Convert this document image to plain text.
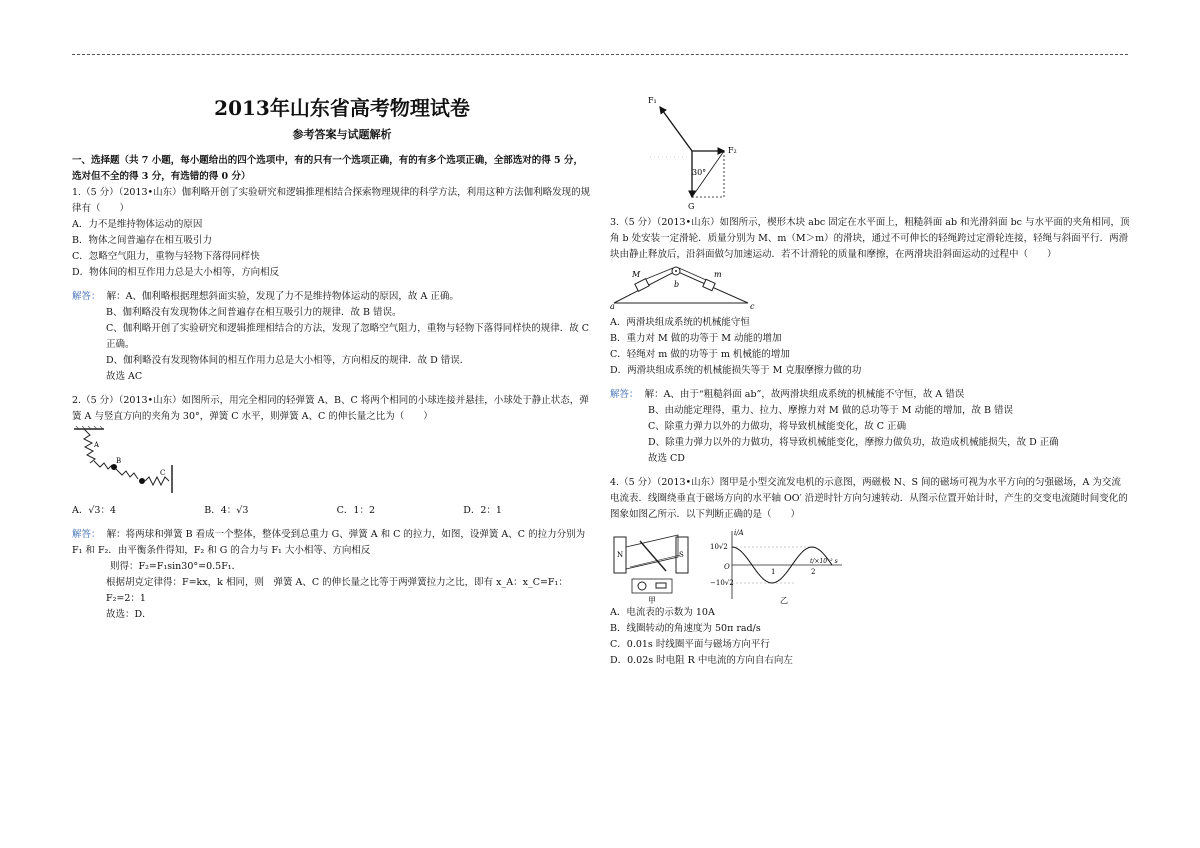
2013年山东省高考物理试卷
参考答案与试题解析

一、选择题（共 7 小题，每小题给出的四个选项中，有的只有一个选项正确，有的有多个选项正确，全部选对的得 5 分，选对但不全的得 3 分，有选错的得 0 分）

1.（5 分）（2013•山东）伽利略开创了实验研究和逻辑推理相结合探索物理规律的科学方法，利用这种方法伽利略发现的规律有（　　）

A．力不是维持物体运动的原因

B．物体之间普遍存在相互吸引力

C．忽略空气阻力，重物与轻物下落得同样快

D．物体间的相互作用力总是大小相等，方向相反

解答： 解：A、伽利略根据理想斜面实验，发现了力不是维持物体运动的原因，故 A 正确。

B、伽利略没有发现物体之间普遍存在相互吸引力的规律．故 B 错误。

C、伽利略开创了实验研究和逻辑推理相结合的方法，发现了忽略空气阻力，重物与轻物下落得同样快的规律．故 C 正确。

D、伽利略没有发现物体间的相互作用力总是大小相等，方向相反的规律．故 D 错误．

故选 AC

2.（5 分）（2013•山东）如图所示，用完全相同的轻弹簧 A、B、C 将两个相同的小球连接并悬挂，小球处于静止状态，弹簧 A 与竖直方向的夹角为 30°，弹簧 C 水平，则弹簧 A、C 的伸长量之比为（　　）

A
B
C
A．√3：4	B．4：√3	C．1：2	D．2：1

解答： 解：将两球和弹簧 B 看成一个整体，整体受到总重力 G、弹簧 A 和 C 的拉力，如图，设弹簧 A、C 的拉力分别为 F₁ 和 F₂．由平衡条件得知，F₂ 和 G 的合力与 F₁ 大小相等、方向相反

则得：F₂=F₁sin30°=0.5F₁．

根据胡克定律得：F=kx，k 相同，则　弹簧 A、C 的伸长量之比等于两弹簧拉力之比，即有 x_A：x_C=F₁：F₂=2：1

故选：D．

F₁
F₂
30°
G

3.（5 分）（2013•山东）如图所示，楔形木块 abc 固定在水平面上，粗糙斜面 ab 和光滑斜面 bc 与水平面的夹角相同，顶角 b 处安装一定滑轮．质量分别为 M、m（M＞m）的滑块，通过不可伸长的轻绳跨过定滑轮连接，轻绳与斜面平行．两滑块由静止释放后，沿斜面做匀加速运动．若不计滑轮的质量和摩擦，在两滑块沿斜面运动的过程中（　　）

M	m
a
b
c

A．两滑块组成系统的机械能守恒

B．重力对 M 做的功等于 M 动能的增加

C．轻绳对 m 做的功等于 m 机械能的增加

D．两滑块组成系统的机械能损失等于 M 克服摩擦力做的功

解答： 解：A、由于“粗糙斜面 ab”，故两滑块组成系统的机械能不守恒，故 A 错误

B、由动能定理得，重力、拉力、摩擦力对 M 做的总功等于 M 动能的增加，故 B 错误

C、除重力弹力以外的力做功，将导致机械能变化，故 C 正确

D、除重力弹力以外的力做功，将导致机械能变化，摩擦力做负功，故造成机械能损失，故 D 正确

故选 CD

4.（5 分）（2013•山东）图甲是小型交流发电机的示意图，两磁极 N、S 间的磁场可视为水平方向的匀强磁场，A 为交流电流表．线圈绕垂直于磁场方向的水平轴 OO′ 沿逆时针方向匀速转动．从图示位置开始计时，产生的交变电流随时间变化的图象如图乙所示．以下判断正确的是（　　）

N	S
甲
i/A
10√2
−10√2
O
1	2
t/×10⁻² s
乙

A．电流表的示数为 10A

B．线圈转动的角速度为 50π rad/s

C．0.01s 时线圈平面与磁场方向平行

D．0.02s 时电阻 R 中电流的方向自右向左
